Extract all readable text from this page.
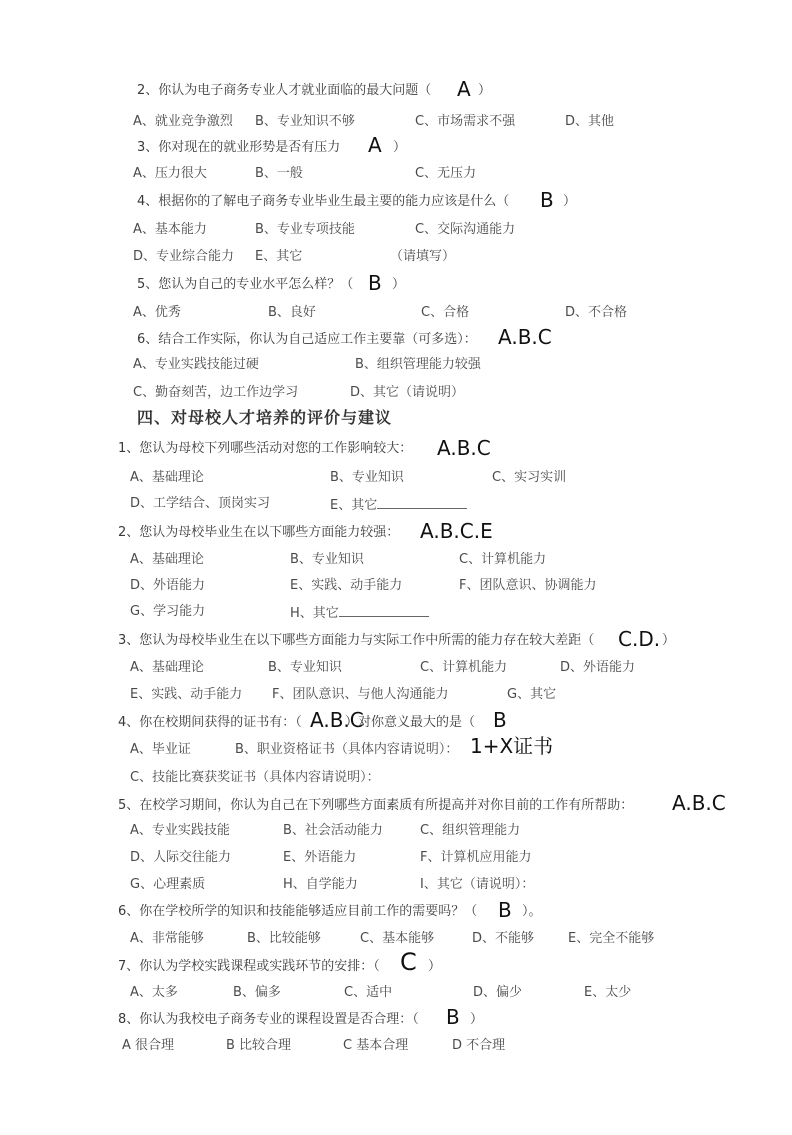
2、你认为电子商务专业人才就业面临的最大问题（ A ）
A、就业竞争激烈 B、专业知识不够	C、市场需求不强	D、其他
3、你对现在的就业形势是否有压力 A ）
A、压力很大	B、一般	C、无压力
4、根据你的了解电子商务专业毕业生最主要的能力应该是什么（ B ）
A、基本能力	B、专业专项技能	C、交际沟通能力
D、专业综合能力 E、其它	（请填写）
5、您认为自己的专业水平怎么样？（ B ）
A、优秀	B、良好	C、合格	D、不合格
6、结合工作实际，你认为自己适应工作主要靠（可多选）： A.B.C
A、专业实践技能过硬	B、组织管理能力较强
C、勤奋刻苦，边工作边学习	D、其它（请说明）
四、对母校人才培养的评价与建议
1、您认为母校下列哪些活动对您的工作影响较大： A.B.C
A、基础理论	B、专业知识	C、实习实训
D、工学结合、顶岗实习	E、其它
2、您认为母校毕业生在以下哪些方面能力较强： A.B.C.E
A、基础理论	B、专业知识	C、计算机能力
D、外语能力	E、实践、动手能力	F、团队意识、协调能力
G、学习能力	H、其它
3、您认为母校毕业生在以下哪些方面能力与实际工作中所需的能力存在较大差距（ C.D. ）
A、基础理论	B、专业知识	C、计算机能力	D、外语能力
E、实践、动手能力 F、团队意识、与他人沟通能力	G、其它
4、你在校期间获得的证书有：（ A.B.C
）对你意义最大的是（ B
A、毕业证	B、职业资格证书（具体内容请说明）： 1+X证书
C、技能比赛获奖证书（具体内容请说明）：
5、在校学习期间，你认为自己在下列哪些方面素质有所提高并对你目前的工作有所帮助： A.B.C
A、专业实践技能	B、社会活动能力	C、组织管理能力
D、人际交往能力	E、外语能力	F、计算机应用能力
G、心理素质	H、自学能力	I、其它（请说明）：
6、你在学校所学的知识和技能能够适应目前工作的需要吗？（ B ）。
A、非常能够	B、比较能够	C、基本能够	D、不能够	E、完全不能够
7、你认为学校实践课程或实践环节的安排：（ C ）
A、太多	B、偏多	C、适中	D、偏少	E、太少
8、你认为我校电子商务专业的课程设置是否合理：（ B ）
A 很合理	B 比较合理	C 基本合理	D 不合理
